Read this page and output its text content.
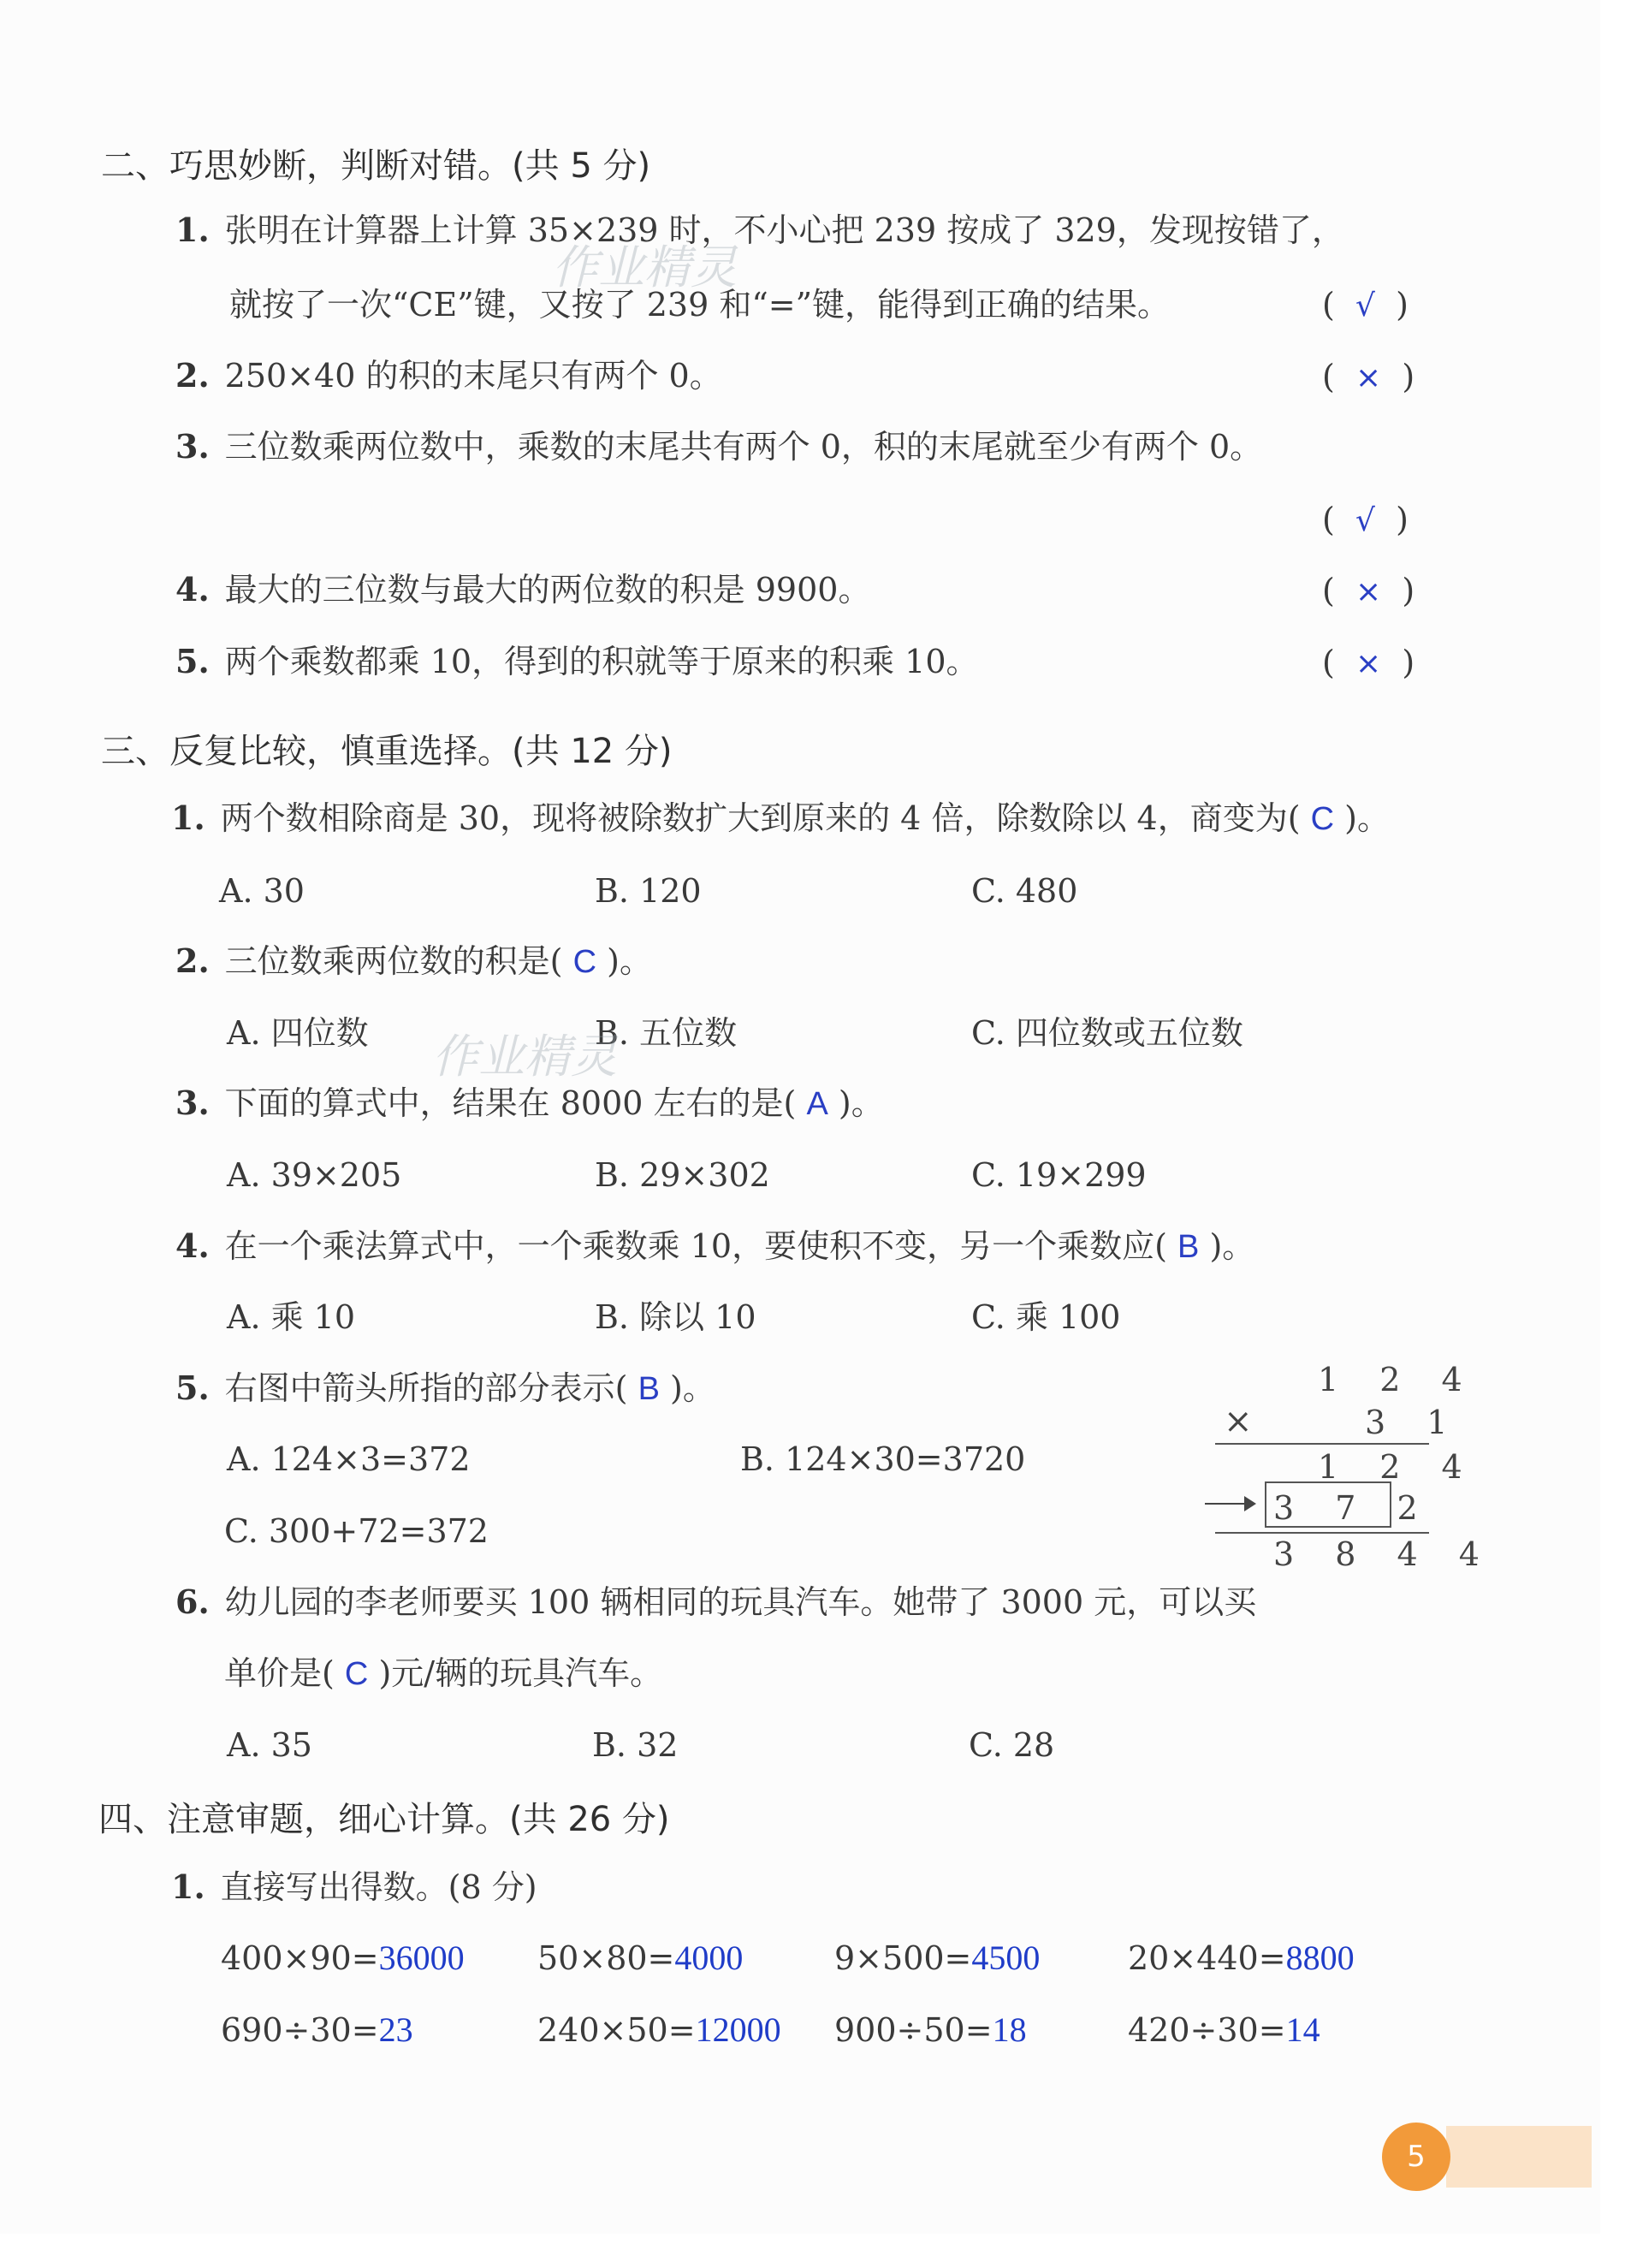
二、巧思妙断，判断对错。(共 5 分)
1. 张明在计算器上计算 35×239 时，不小心把 239 按成了 329，发现按错了，
就按了一次“CE”键，又按了 239 和“=”键，能得到正确的结果。	(  √  )
2. 250×40 的积的末尾只有两个 0。	(  ×  )
3. 三位数乘两位数中，乘数的末尾共有两个 0，积的末尾就至少有两个 0。
(  √  )
4. 最大的三位数与最大的两位数的积是 9900。	(  ×  )
5. 两个乘数都乘 10，得到的积就等于原来的积乘 10。	(  ×  )
作业精灵
三、反复比较，慎重选择。(共 12 分)
1. 两个数相除商是 30，现将被除数扩大到原来的 4 倍，除数除以 4，商变为( C )。
A. 30	B. 120	C. 480
2. 三位数乘两位数的积是( C )。
A. 四位数	B. 五位数	C. 四位数或五位数
作业精灵
3. 下面的算式中，结果在 8000 左右的是( A )。
A. 39×205	B. 29×302	C. 19×299
4. 在一个乘法算式中，一个乘数乘 10，要使积不变，另一个乘数应( B )。
A. 乘 10	B. 除以 10	C. 乘 100
5. 右图中箭头所指的部分表示( B )。
A. 124×3=372	B. 124×30=3720
C. 300+72=372
1 2 4
×	3 1
1 2 4
3 7 2
3 8 4 4
6. 幼儿园的李老师要买 100 辆相同的玩具汽车。她带了 3000 元，可以买
单价是( C )元/辆的玩具汽车。
A. 35	B. 32	C. 28
四、注意审题，细心计算。(共 26 分)
1. 直接写出得数。(8 分)
400×90=36000 50×80=4000	9×500=4500	20×440=8800
690÷30=23	240×50=12000 900÷50=18	420÷30=14
5
